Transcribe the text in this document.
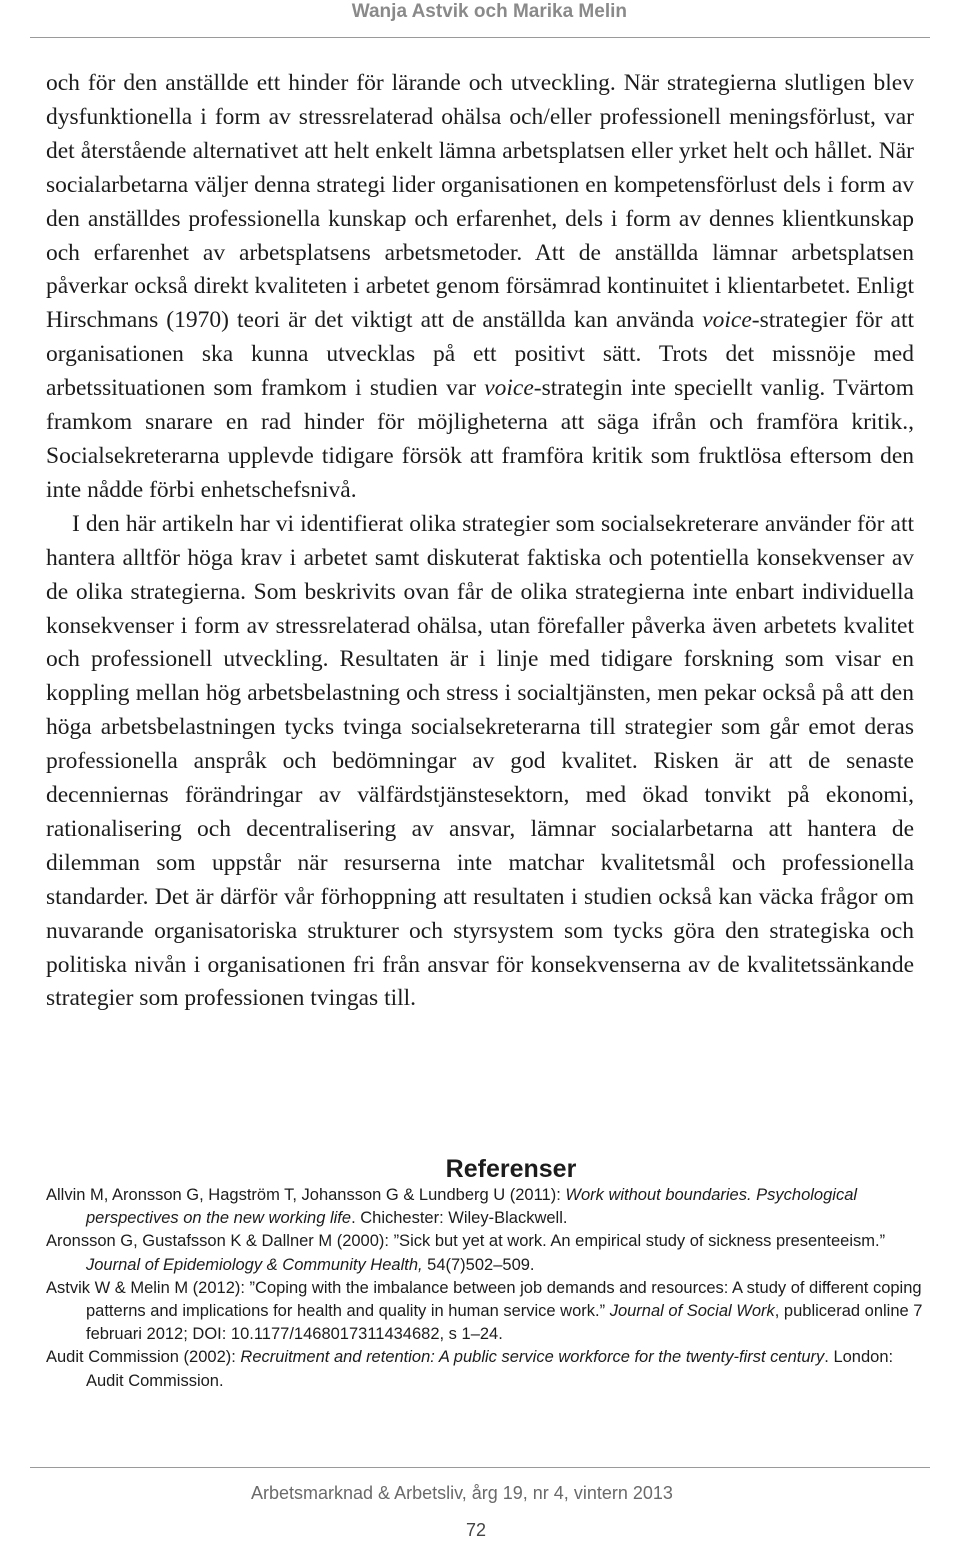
Wanja Astvik och Marika Melin

och för den anställde ett hinder för lärande och utveckling. När strategierna slutligen blev dysfunktionella i form av stressrelaterad ohälsa och/eller professionell meningsförlust, var det återstående alternativet att helt enkelt lämna arbetsplatsen eller yrket helt och hållet. När socialarbetarna väljer denna strategi lider organisationen en kompetensförlust dels i form av den anställdes professionella kunskap och erfarenhet, dels i form av dennes klientkunskap och erfarenhet av arbetsplatsens arbetsmetoder. Att de anställda lämnar arbetsplatsen påverkar också direkt kvaliteten i arbetet genom försämrad kontinuitet i klientarbetet. Enligt Hirschmans (1970) teori är det viktigt att de anställda kan använda voice-strategier för att organisationen ska kunna utvecklas på ett positivt sätt. Trots det missnöje med arbetssituationen som framkom i studien var voice-strategin inte speciellt vanlig. Tvärtom framkom snarare en rad hinder för möjligheterna att säga ifrån och framföra kritik., Socialsekreterarna upplevde tidigare försök att framföra kritik som fruktlösa eftersom den inte nådde förbi enhetschefsnivå.

I den här artikeln har vi identifierat olika strategier som socialsekreterare använder för att hantera alltför höga krav i arbetet samt diskuterat faktiska och potentiella konsekvenser av de olika strategierna. Som beskrivits ovan får de olika strategierna inte enbart individuella konsekvenser i form av stressrelaterad ohälsa, utan förefaller påverka även arbetets kvalitet och professionell utveckling. Resultaten är i linje med tidigare forskning som visar en koppling mellan hög arbetsbelastning och stress i socialtjänsten, men pekar också på att den höga arbetsbelastningen tycks tvinga socialsekreterarna till strategier som går emot deras professionella anspråk och bedömningar av god kvalitet. Risken är att de senaste decenniernas förändringar av välfärdstjänstesektorn, med ökad tonvikt på ekonomi, rationalisering och decentralisering av ansvar, lämnar socialarbetarna att hantera de dilemman som uppstår när resurserna inte matchar kvalitetsmål och professionella standarder. Det är därför vår förhoppning att resultaten i studien också kan väcka frågor om nuvarande organisatoriska strukturer och styrsystem som tycks göra den strategiska och politiska nivån i organisationen fri från ansvar för konsekvenserna av de kvalitetssänkande strategier som professionen tvingas till.

Referenser

Allvin M, Aronsson G, Hagström T, Johansson G & Lundberg U (2011): Work without boundaries. Psychological perspectives on the new working life. Chichester: Wiley-Blackwell.

Aronsson G, Gustafsson K & Dallner M (2000): ”Sick but yet at work. An empirical study of sickness presenteeism.” Journal of Epidemiology & Community Health, 54(7)502–509.

Astvik W & Melin M (2012): ”Coping with the imbalance between job demands and resources: A study of different coping patterns and implications for health and quality in human service work.” Journal of Social Work, publicerad online 7 februari 2012; DOI: 10.1177/1468017311434682, s 1–24.

Audit Commission (2002): Recruitment and retention: A public service workforce for the twenty-first century. London: Audit Commission.

Arbetsmarknad & Arbetsliv, årg 19, nr 4, vintern 2013
72
